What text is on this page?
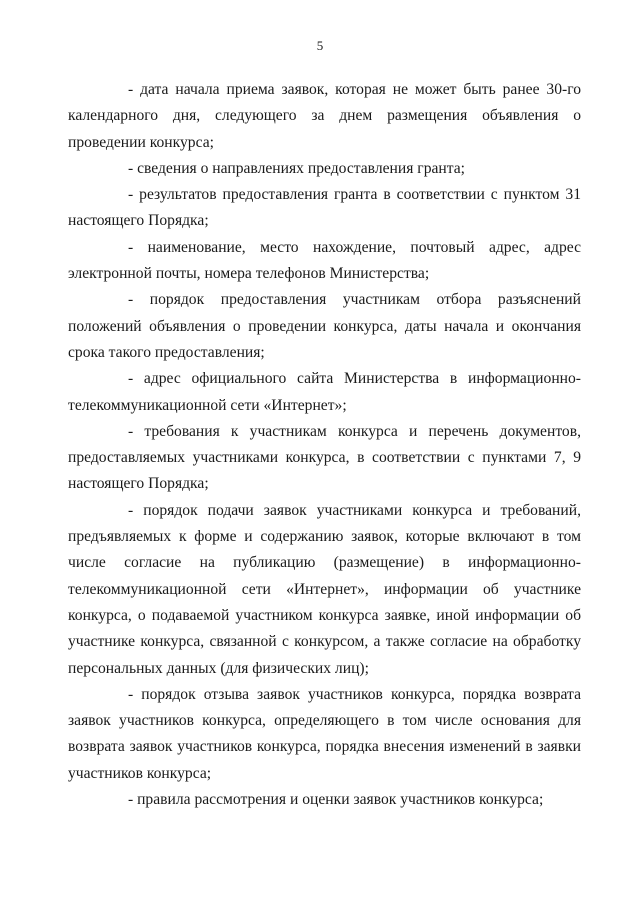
5

- дата начала приема заявок, которая не может быть ранее 30-го календарного дня, следующего за днем размещения объявления о проведении конкурса;

- сведения о направлениях предоставления гранта;

- результатов предоставления гранта в соответствии с пунктом 31 настоящего Порядка;

- наименование, место нахождение, почтовый адрес, адрес электронной почты, номера телефонов Министерства;

- порядок предоставления участникам отбора разъяснений положений объявления о проведении конкурса, даты начала и окончания срока такого предоставления;

- адрес официального сайта Министерства в информационно-телекоммуникационной сети «Интернет»;

- требования к участникам конкурса и перечень документов, предоставляемых участниками конкурса, в соответствии с пунктами 7, 9 настоящего Порядка;

- порядок подачи заявок участниками конкурса и требований, предъявляемых к форме и содержанию заявок, которые включают в том числе согласие на публикацию (размещение) в информационно-телекоммуникационной сети «Интернет», информации об участнике конкурса, о подаваемой участником конкурса заявке, иной информации об участнике конкурса, связанной с конкурсом, а также согласие на обработку персональных данных (для физических лиц);

- порядок отзыва заявок участников конкурса, порядка возврата заявок участников конкурса, определяющего в том числе основания для возврата заявок участников конкурса, порядка внесения изменений в заявки участников конкурса;

- правила рассмотрения и оценки заявок участников конкурса;
